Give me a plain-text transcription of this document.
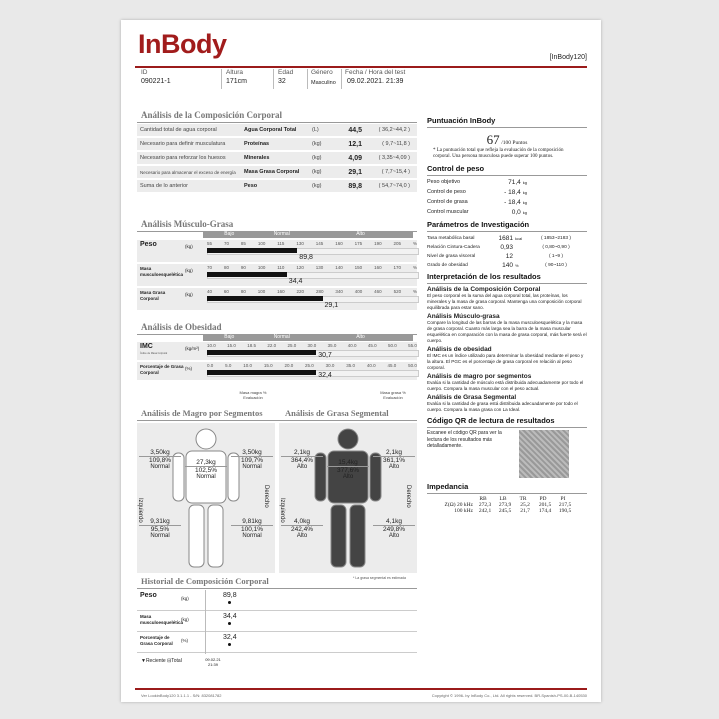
InBody	[InBody120]
ID
090221-1
Altura
171cm
Edad
32
Género
Masculino
Fecha / Hora del test
09.02.2021. 21:39
Análisis de la Composición Corporal
Cantidad total de agua corporal	Agua Corporal Total	(L)	44,5	( 36,2~44,2 )
Necesario para definir musculatura	Proteínas	(kg)	12,1	( 9,7~11,8 )
Necesario para reforzar los huesos	Minerales	(kg)	4,09	( 3,35~4,09 )
Necesario para almacenar el exceso de energía	Masa Grasa Corporal	(kg)	29,1	( 7,7~15,4 )
Suma de lo anterior	Peso	(kg)	89,8	( 54,7~74,0 )
Análisis Músculo-Grasa
Bajo	Normal	Alto
Peso	(kg)
55	70	85	100	115	130	145	160	175	190	205	%
89,8
Masa musculoesquelética
(kg)
70	80	90	100	110	120	130	140	150	160	170	%
34,4
Masa Grasa Corporal
(kg)
40	60	80	100	160	220	280	340	400	460	520	%
29,1
Análisis de Obesidad
Bajo	Normal	Alto
IMC
Índice de Masa Corporal
(kg/m²)
10.0	15.0	18.5	22.0	25.0	30.0	35.0	40.0	45.0	50.0	55.0
30,7
Porcentaje de Grasa Corporal
(%)
0.0	5.0	10.0	15.0	20.0	25.0	30.0	35.0	40.0	45.0	50.0
32,4
Masa magra % Evaluación
Masa grasa % Evaluación
Análisis de Magro por Segmentos	Análisis de Grasa Segmental
3,50kg
109,8%
Normal
3,50kg
109,7%
Normal
27,3kg
102,5%
Normal
9,31kg
95,5%
Normal
9,81kg
100,1%
Normal
Izquierdo
Derecho
2,1kg
364,4%
Alto
2,1kg
361,1%
Alto
15,4kg
377,6%
Alto
4,0kg
242,4%
Alto
4,1kg
249,8%
Alto
Izquierdo
Derecho
* La grasa segmental es estimada
Historial de Composición Corporal
Peso	(kg)	89,8
Masa musculoesquelética
(kg)	34,4
Porcentaje de Grasa Corporal	(%)	32,4
▼Reciente ⊟Total	09.02.21 21:39
Puntuación InBody
67 /100 Puntos
* La puntuación total que refleja la evaluación de la composición corporal. Una persona musculosa puede superar 100 puntos.
Control de peso
Peso objetivo	71,4 kg
Control de peso	- 18,4 kg
Control de grasa	- 18,4 kg
Control muscular	0,0 kg
Parámetros de Investigación
Tasa metabólica basal	1681 kcal	( 1853~2183 )
Relación Cintura-Cadera	0,93	( 0,80~0,90 )
Nivel de grasa visceral	12	( 1~9 )
Grado de obesidad	140 %	( 90~110 )
Interpretación de los resultados
Análisis de la Composición Corporal
El peso corporal es la suma del agua corporal total, las proteínas, los minerales y la masa de grasa corporal. Mantenga una composición corporal equilibrada para estar sano.
Análisis Músculo-grasa
Compare la longitud de las barras de la masa musculoesquelética y la masa de grasa corporal. Cuanto más larga sea la barra de la masa muscular esquelética en comparación con la masa de grasa corporal, más fuerte será el cuerpo.
Análisis de obesidad
El IMC es un índice utilizado para determinar la obesidad mediante el peso y la altura. El PGC es el porcentaje de grasa corporal en relación al peso corporal.
Análisis de magro por segmentos
Evalúa si la cantidad de músculo está distribuida adecuadamente por todo el cuerpo. Compara la masa muscular con el peso actual.
Análisis de Grasa Segmental
Evalúa si la cantidad de grasa está distribuida adecuadamente por todo el cuerpo. Compara la masa grasa con La Ideal.
Código QR de lectura de resultados
Escanee el código QR para ver la lectura de los resultados más detalladamente.
Impedancia
RB	LB	TR	PD	PI
Z(Ω) 20 kHz	272,3	273,9	25,2	201,5	217,5
100 kHz	242,1	245,5	21,7	174,4	190,5
Ver LookinBody120 3.1.1.1 - S/N: 832081782	Copyright © 1996- by InBody Co., Ltd. All rights reserved. BR-Spanish-PS-00-B-140530
